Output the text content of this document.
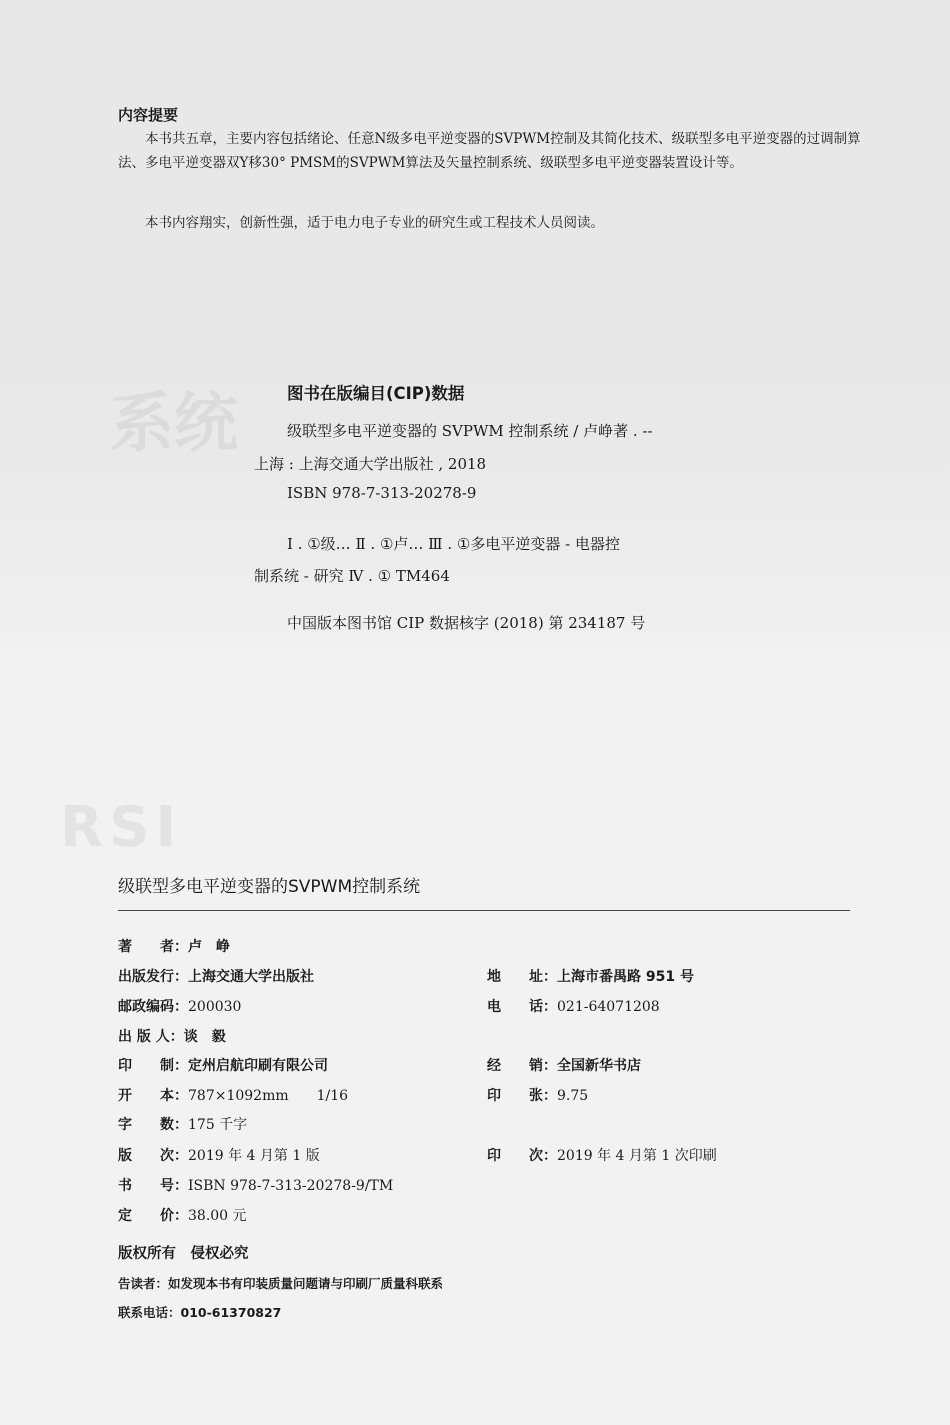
系统
RSI
内容提要
本书共五章，主要内容包括绪论、任意N级多电平逆变器的SVPWM控制及其简化技术、级联型多电平逆变器的过调制算法、多电平逆变器双Y移30° PMSM的SVPWM算法及矢量控制系统、级联型多电平逆变器装置设计等。
本书内容翔实，创新性强，适于电力电子专业的研究生或工程技术人员阅读。
图书在版编目(CIP)数据
级联型多电平逆变器的 SVPWM 控制系统 / 卢峥著 . --
上海 : 上海交通大学出版社 , 2018
ISBN 978-7-313-20278-9
Ⅰ . ①级… Ⅱ . ①卢… Ⅲ . ①多电平逆变器 - 电器控
制系统 - 研究 Ⅳ . ① TM464
中国版本图书馆 CIP 数据核字 (2018) 第 234187 号
级联型多电平逆变器的SVPWM控制系统
著　　者：卢　峥
出版发行：上海交通大学出版社	地　　址：上海市番禺路 951 号
邮政编码：200030	电　　话：021-64071208
出 版 人：谈　毅
印　　制：定州启航印刷有限公司	经　　销：全国新华书店
开　　本：787×1092mm　　1/16	印　　张：9.75
字　　数：175 千字
版　　次：2019 年 4 月第 1 版	印　　次：2019 年 4 月第 1 次印刷
书　　号：ISBN 978-7-313-20278-9/TM
定　　价：38.00 元
版权所有　侵权必究
告读者：如发现本书有印装质量问题请与印刷厂质量科联系
联系电话：010-61370827
